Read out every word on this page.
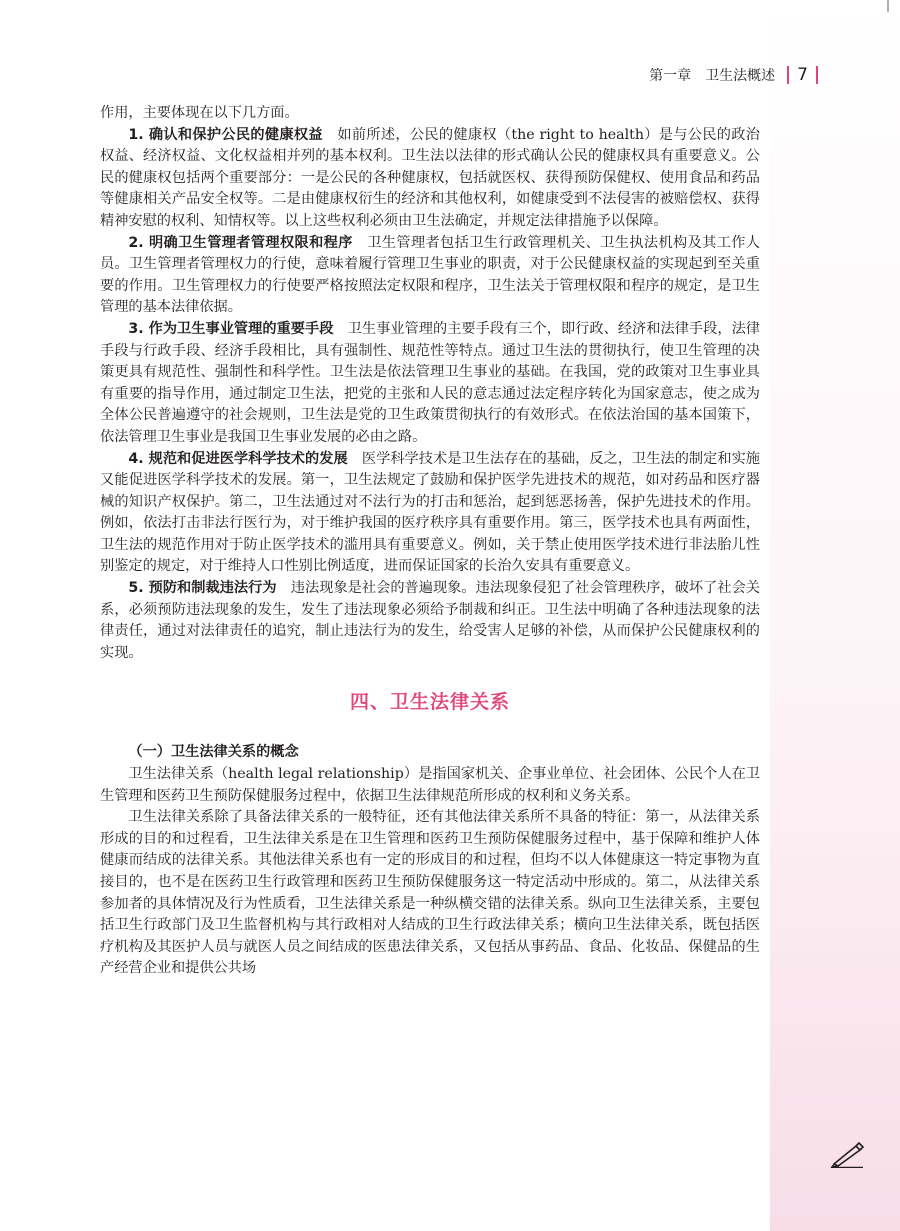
第一章　卫生法概述 7

作用，主要体现在以下几方面。

1. 确认和保护公民的健康权益　如前所述，公民的健康权（the right to health）是与公民的政治权益、经济权益、文化权益相并列的基本权利。卫生法以法律的形式确认公民的健康权具有重要意义。公民的健康权包括两个重要部分：一是公民的各种健康权，包括就医权、获得预防保健权、使用食品和药品等健康相关产品安全权等。二是由健康权衍生的经济和其他权利，如健康受到不法侵害的被赔偿权、获得精神安慰的权利、知情权等。以上这些权利必须由卫生法确定，并规定法律措施予以保障。

2. 明确卫生管理者管理权限和程序　卫生管理者包括卫生行政管理机关、卫生执法机构及其工作人员。卫生管理者管理权力的行使，意味着履行管理卫生事业的职责，对于公民健康权益的实现起到至关重要的作用。卫生管理权力的行使要严格按照法定权限和程序，卫生法关于管理权限和程序的规定，是卫生管理的基本法律依据。

3. 作为卫生事业管理的重要手段　卫生事业管理的主要手段有三个，即行政、经济和法律手段，法律手段与行政手段、经济手段相比，具有强制性、规范性等特点。通过卫生法的贯彻执行，使卫生管理的决策更具有规范性、强制性和科学性。卫生法是依法管理卫生事业的基础。在我国，党的政策对卫生事业具有重要的指导作用，通过制定卫生法，把党的主张和人民的意志通过法定程序转化为国家意志，使之成为全体公民普遍遵守的社会规则，卫生法是党的卫生政策贯彻执行的有效形式。在依法治国的基本国策下，依法管理卫生事业是我国卫生事业发展的必由之路。

4. 规范和促进医学科学技术的发展　医学科学技术是卫生法存在的基础，反之，卫生法的制定和实施又能促进医学科学技术的发展。第一，卫生法规定了鼓励和保护医学先进技术的规范，如对药品和医疗器械的知识产权保护。第二，卫生法通过对不法行为的打击和惩治，起到惩恶扬善，保护先进技术的作用。例如，依法打击非法行医行为，对于维护我国的医疗秩序具有重要作用。第三，医学技术也具有两面性，卫生法的规范作用对于防止医学技术的滥用具有重要意义。例如，关于禁止使用医学技术进行非法胎儿性别鉴定的规定，对于维持人口性别比例适度，进而保证国家的长治久安具有重要意义。

5. 预防和制裁违法行为　违法现象是社会的普遍现象。违法现象侵犯了社会管理秩序，破坏了社会关系，必须预防违法现象的发生，发生了违法现象必须给予制裁和纠正。卫生法中明确了各种违法现象的法律责任，通过对法律责任的追究，制止违法行为的发生，给受害人足够的补偿，从而保护公民健康权利的实现。

四、卫生法律关系
（一）卫生法律关系的概念

卫生法律关系（health legal relationship）是指国家机关、企事业单位、社会团体、公民个人在卫生管理和医药卫生预防保健服务过程中，依据卫生法律规范所形成的权利和义务关系。

卫生法律关系除了具备法律关系的一般特征，还有其他法律关系所不具备的特征：第一，从法律关系形成的目的和过程看，卫生法律关系是在卫生管理和医药卫生预防保健服务过程中，基于保障和维护人体健康而结成的法律关系。其他法律关系也有一定的形成目的和过程，但均不以人体健康这一特定事物为直接目的，也不是在医药卫生行政管理和医药卫生预防保健服务这一特定活动中形成的。第二，从法律关系参加者的具体情况及行为性质看，卫生法律关系是一种纵横交错的法律关系。纵向卫生法律关系，主要包括卫生行政部门及卫生监督机构与其行政相对人结成的卫生行政法律关系；横向卫生法律关系，既包括医疗机构及其医护人员与就医人员之间结成的医患法律关系，又包括从事药品、食品、化妆品、保健品的生产经营企业和提供公共场
